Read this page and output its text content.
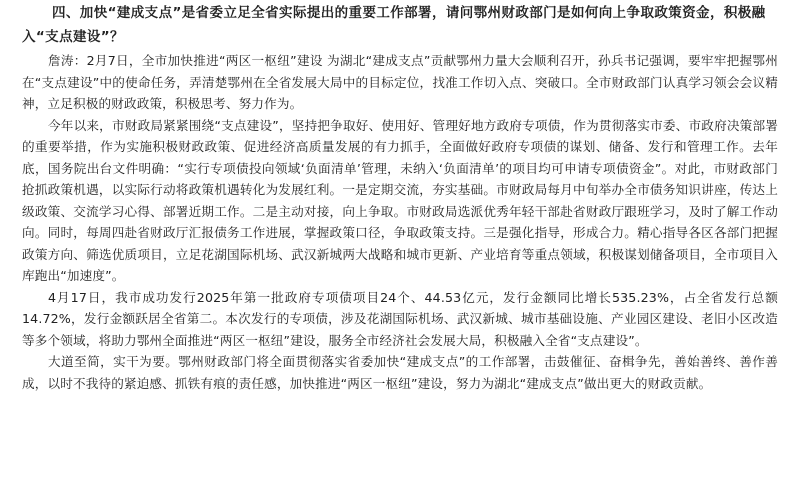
四、加快“建成支点”是省委立足全省实际提出的重要工作部署，请问鄂州财政部门是如何向上争取政策资金，积极融入“支点建设”？

詹涛：2月7日，全市加快推进“两区一枢纽”建设 为湖北“建成支点”贡献鄂州力量大会顺利召开，孙兵书记强调，要牢牢把握鄂州在“支点建设”中的使命任务，弄清楚鄂州在全省发展大局中的目标定位，找准工作切入点、突破口。全市财政部门认真学习领会会议精神，立足积极的财政政策，积极思考、努力作为。

今年以来，市财政局紧紧围绕“支点建设”，坚持把争取好、使用好、管理好地方政府专项债，作为贯彻落实市委、市政府决策部署的重要举措，作为实施积极财政政策、促进经济高质量发展的有力抓手，全面做好政府专项债的谋划、储备、发行和管理工作。去年底，国务院出台文件明确：“实行专项债投向领域‘负面清单’管理，未纳入‘负面清单’的项目均可申请专项债资金”。对此，市财政部门抢抓政策机遇，以实际行动将政策机遇转化为发展红利。一是定期交流，夯实基础。市财政局每月中旬举办全市债务知识讲座，传达上级政策、交流学习心得、部署近期工作。二是主动对接，向上争取。市财政局选派优秀年轻干部赴省财政厅跟班学习，及时了解工作动向。同时，每周四赴省财政厅汇报债务工作进展，掌握政策口径，争取政策支持。三是强化指导，形成合力。精心指导各区各部门把握政策方向、筛选优质项目，立足花湖国际机场、武汉新城两大战略和城市更新、产业培育等重点领域，积极谋划储备项目，全市项目入库跑出“加速度”。

4月17日，我市成功发行2025年第一批政府专项债项目24个、44.53亿元，发行金额同比增长535.23%，占全省发行总额14.72%，发行金额跃居全省第二。本次发行的专项债，涉及花湖国际机场、武汉新城、城市基础设施、产业园区建设、老旧小区改造等多个领域，将助力鄂州全面推进“两区一枢纽”建设，服务全市经济社会发展大局，积极融入全省“支点建设”。

大道至简，实干为要。鄂州财政部门将全面贯彻落实省委加快“建成支点”的工作部署，击鼓催征、奋楫争先，善始善终、善作善成，以时不我待的紧迫感、抓铁有痕的责任感，加快推进“两区一枢纽”建设，努力为湖北“建成支点”做出更大的财政贡献。
